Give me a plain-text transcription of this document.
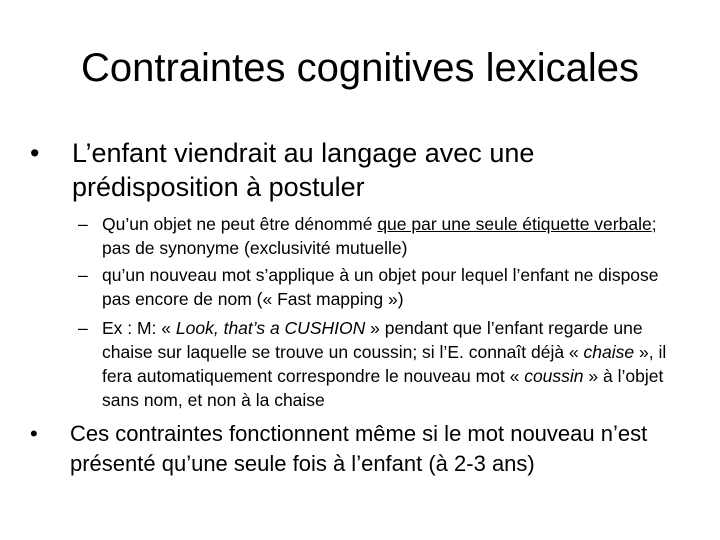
Contraintes cognitives lexicales
•	L’enfant viendrait au langage avec une prédisposition à postuler
– Qu’un objet ne peut être dénommé que par une seule étiquette verbale; pas de synonyme (exclusivité mutuelle)
– qu’un nouveau mot s’applique à un objet pour lequel l’enfant ne dispose pas encore de nom (« Fast mapping »)
– Ex : M: « Look, that’s a CUSHION » pendant que l’enfant regarde une chaise sur laquelle se trouve un coussin; si l’E. connaît déjà « chaise », il fera automatiquement correspondre le nouveau mot « coussin » à l’objet sans nom, et non à la chaise
•	Ces contraintes fonctionnent même si le mot nouveau n’est présenté qu’une seule fois à l’enfant (à 2-3 ans)
